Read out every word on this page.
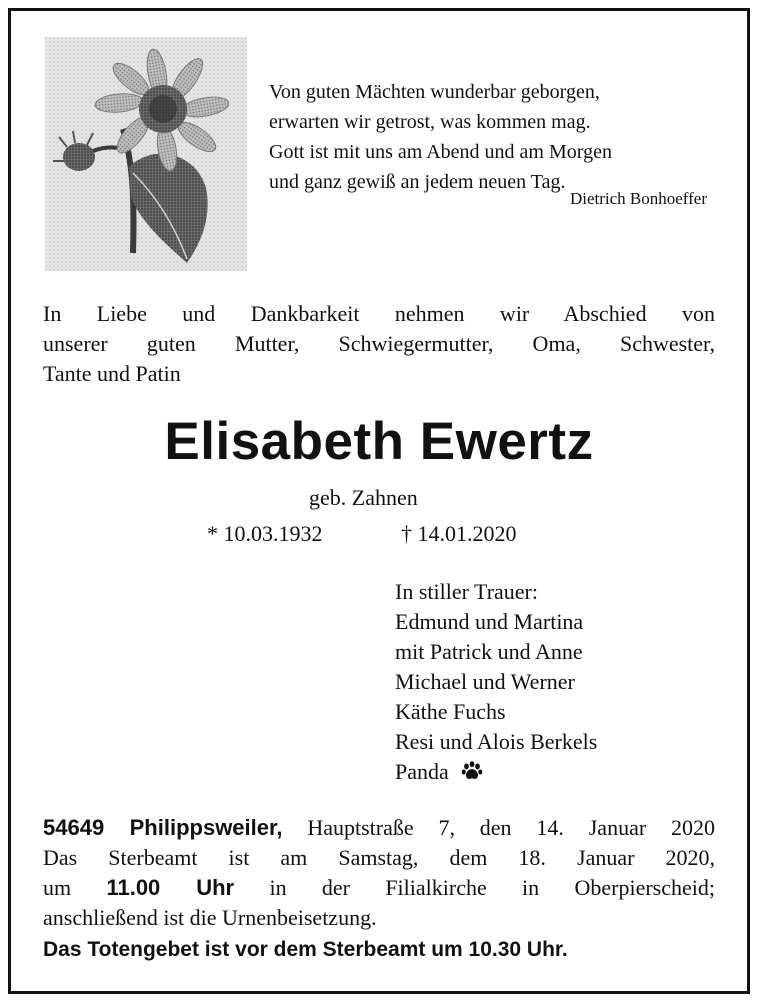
Von guten Mächten wunderbar geborgen,
erwarten wir getrost, was kommen mag.
Gott ist mit uns am Abend und am Morgen
und ganz gewiß an jedem neuen Tag.
Dietrich Bonhoeffer
In Liebe und Dankbarkeit nehmen wir Abschied von
unserer guten Mutter, Schwiegermutter, Oma, Schwester,
Tante und Patin
Elisabeth Ewertz
geb. Zahnen
* 10.03.1932	† 14.01.2020
In stiller Trauer:
Edmund und Martina
mit Patrick und Anne
Michael und Werner
Käthe Fuchs
Resi und Alois Berkels
Panda
54649 Philippsweiler, Hauptstraße 7, den 14. Januar 2020
Das Sterbeamt ist am Samstag, dem 18. Januar 2020,
um 11.00 Uhr in der Filialkirche in Oberpierscheid;
anschließend ist die Urnenbeisetzung.
Das Totengebet ist vor dem Sterbeamt um 10.30 Uhr.
